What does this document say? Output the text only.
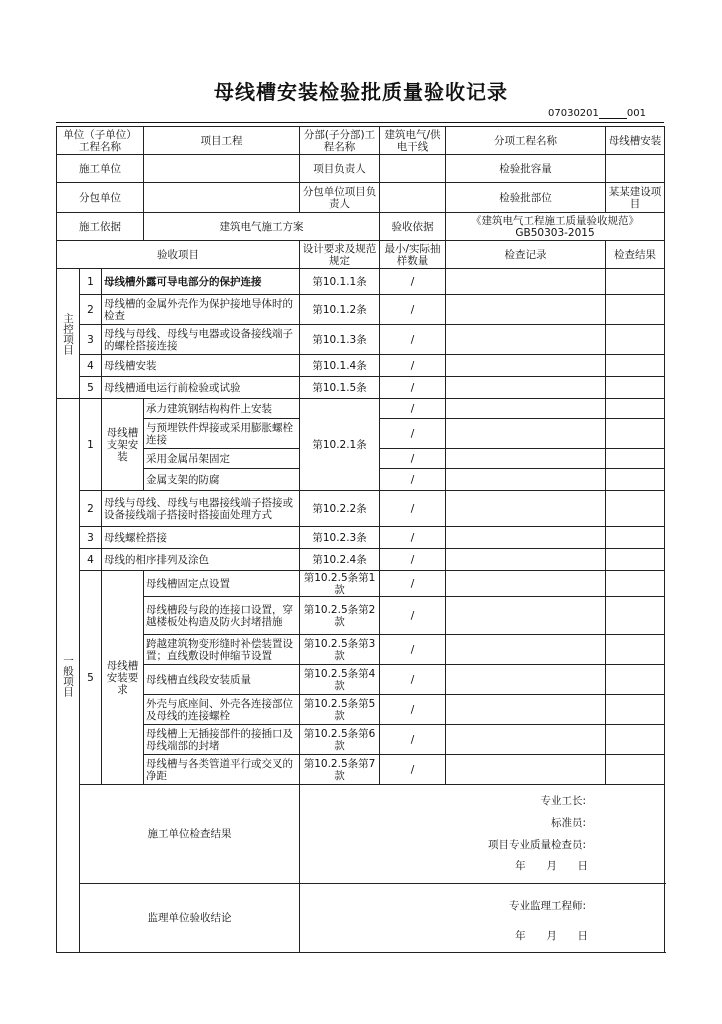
母线槽安装检验批质量验收记录
07030201	001
单位（子单位）工程名称			项目工程	分部(子分部)工程名称	建筑电气/供电干线	分项工程名称	母线槽安装
施工单位				项目负责人		检验批容量	
分包单位				分包单位项目负责人		检验批部位	某某建设项目
施工依据			建筑电气施工方案		验收依据	《建筑电气工程施工质量验收规范》GB50303-2015	
验收项目				设计要求及规范规定	最小/实际抽样数量	检查记录	检查结果

主控项目	1	母线槽外露可导电部分的保护连接		第10.1.1条	/		
	2	母线槽的金属外壳作为保护接地导体时的检查		第10.1.2条	/		
	3	母线与母线、母线与电器或设备接线端子的螺栓搭接连接		第10.1.3条	/		
	4	母线槽安装		第10.1.4条	/		
	5	母线槽通电运行前检验或试验		第10.1.5条	/		

一般项目	1	母线槽支架安装	承力建筑钢结构构件上安装	第10.2.1条	/		
			与预埋铁件焊接或采用膨胀螺栓连接		/		
			采用金属吊架固定		/		
			金属支架的防腐		/		
	2	母线与母线、母线与电器接线端子搭接或设备接线端子搭接时搭接面处理方式		第10.2.2条	/		
	3	母线螺栓搭接		第10.2.3条	/		
	4	母线的相序排列及涂色		第10.2.4条	/		
	5	母线槽安装要求	母线槽固定点设置	第10.2.5条第1款	/		
			母线槽段与段的连接口设置，穿越楼板处构造及防火封堵措施	第10.2.5条第2款	/		
			跨越建筑物变形缝时补偿装置设置；直线敷设时伸缩节设置	第10.2.5条第3款	/		
			母线槽直线段安装质量	第10.2.5条第4款	/		
			外壳与底座间、外壳各连接部位及母线的连接螺栓	第10.2.5条第5款	/		
			母线槽上无插接部件的接插口及母线端部的封堵	第10.2.5条第6款	/		
			母线槽与各类管道平行或交叉的净距	第10.2.5条第7款	/		
	施工单位检查结果			专业工长:
标准员:
项目专业质量检查员:
年 月 日			

	监理单位验收结论			专业监理工程师:
年 月 日			
